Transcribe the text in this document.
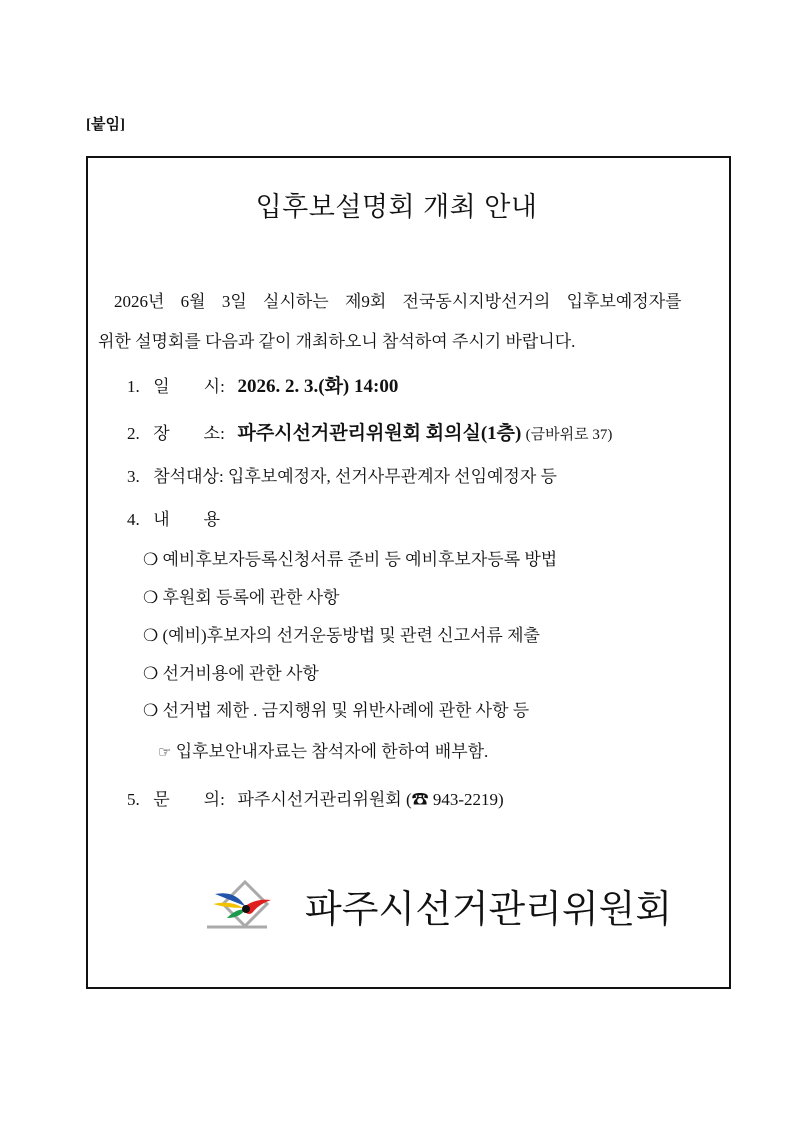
[붙임]
입후보설명회 개최 안내
2026년 6월 3일 실시하는 제9회 전국동시지방선거의 입후보예정자를
위한 설명회를 다음과 같이 개최하오니 참석하여 주시기 바랍니다.
1. 일　　시: 2026. 2. 3.(화) 14:00
2. 장　　소: 파주시선거관리위원회 회의실(1층) (금바위로 37)
3. 참석대상: 입후보예정자, 선거사무관계자 선임예정자 등
4. 내　　용
❍ 예비후보자등록신청서류 준비 등 예비후보자등록 방법
❍ 후원회 등록에 관한 사항
❍ (예비)후보자의 선거운동방법 및 관련 신고서류 제출
❍ 선거비용에 관한 사항
❍ 선거법 제한 . 금지행위 및 위반사례에 관한 사항 등
☞ 입후보안내자료는 참석자에 한하여 배부함.
5. 문　　의: 파주시선거관리위원회 (☎ 943-2219)
파주시선거관리위원회
